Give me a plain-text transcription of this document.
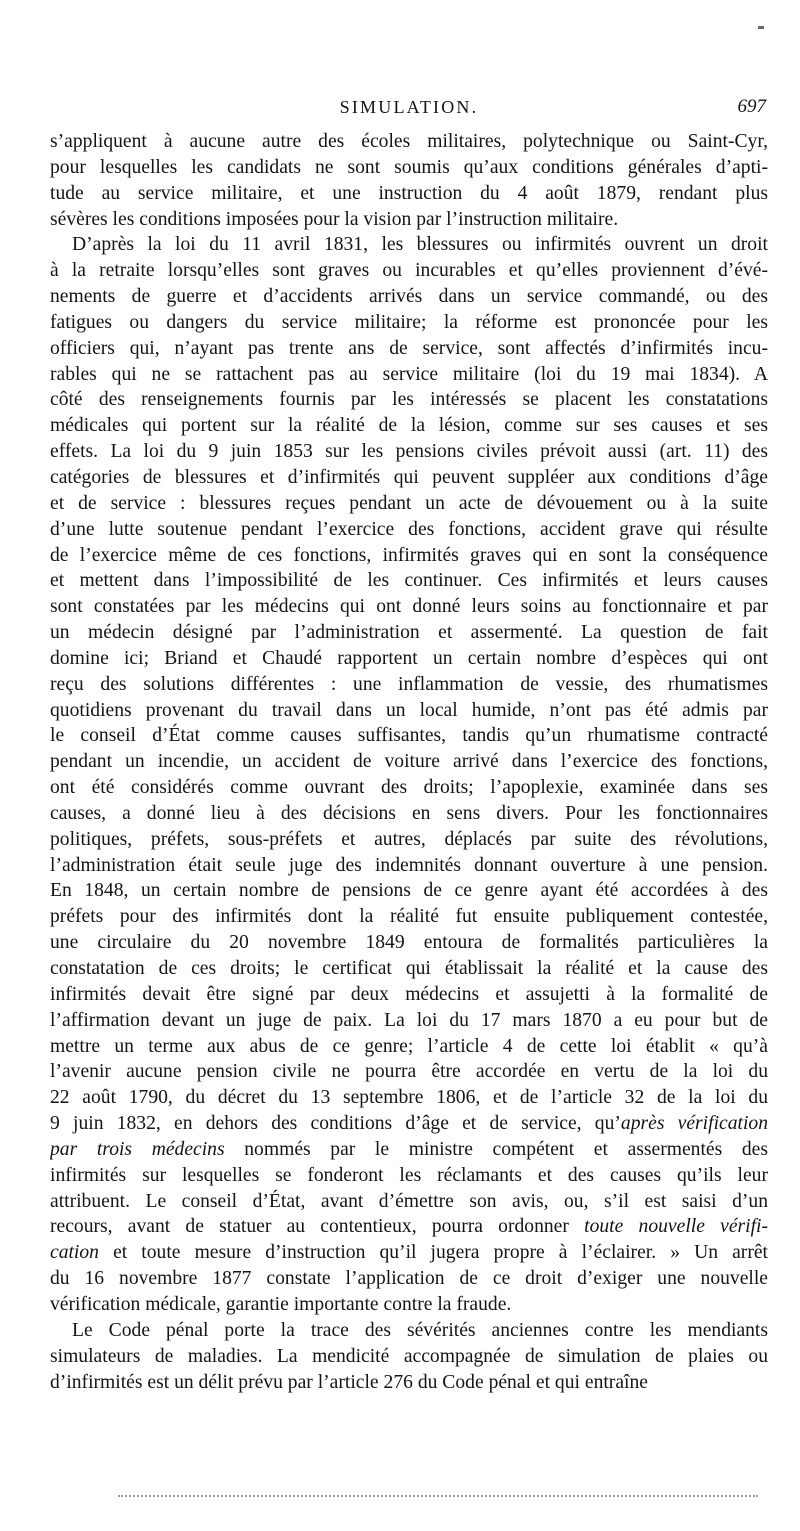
SIMULATION.	697
s’appliquent à aucune autre des écoles militaires, polytechnique ou Saint-Cyr,
pour lesquelles les candidats ne sont soumis qu’aux conditions générales d’apti-
tude au service militaire, et une instruction du 4 août 1879, rendant plus
sévères les conditions imposées pour la vision par l’instruction militaire.
D’après la loi du 11 avril 1831, les blessures ou infirmités ouvrent un droit
à la retraite lorsqu’elles sont graves ou incurables et qu’elles proviennent d’évé-
nements de guerre et d’accidents arrivés dans un service commandé, ou des
fatigues ou dangers du service militaire; la réforme est prononcée pour les
officiers qui, n’ayant pas trente ans de service, sont affectés d’infirmités incu-
rables qui ne se rattachent pas au service militaire (loi du 19 mai 1834). A
côté des renseignements fournis par les intéressés se placent les constatations
médicales qui portent sur la réalité de la lésion, comme sur ses causes et ses
effets. La loi du 9 juin 1853 sur les pensions civiles prévoit aussi (art. 11) des
catégories de blessures et d’infirmités qui peuvent suppléer aux conditions d’âge
et de service : blessures reçues pendant un acte de dévouement ou à la suite
d’une lutte soutenue pendant l’exercice des fonctions, accident grave qui résulte
de l’exercice même de ces fonctions, infirmités graves qui en sont la conséquence
et mettent dans l’impossibilité de les continuer. Ces infirmités et leurs causes
sont constatées par les médecins qui ont donné leurs soins au fonctionnaire et par
un médecin désigné par l’administration et assermenté. La question de fait
domine ici; Briand et Chaudé rapportent un certain nombre d’espèces qui ont
reçu des solutions différentes : une inflammation de vessie, des rhumatismes
quotidiens provenant du travail dans un local humide, n’ont pas été admis par
le conseil d’État comme causes suffisantes, tandis qu’un rhumatisme contracté
pendant un incendie, un accident de voiture arrivé dans l’exercice des fonctions,
ont été considérés comme ouvrant des droits; l’apoplexie, examinée dans ses
causes, a donné lieu à des décisions en sens divers. Pour les fonctionnaires
politiques, préfets, sous-préfets et autres, déplacés par suite des révolutions,
l’administration était seule juge des indemnités donnant ouverture à une pension.
En 1848, un certain nombre de pensions de ce genre ayant été accordées à des
préfets pour des infirmités dont la réalité fut ensuite publiquement contestée,
une circulaire du 20 novembre 1849 entoura de formalités particulières la
constatation de ces droits; le certificat qui établissait la réalité et la cause des
infirmités devait être signé par deux médecins et assujetti à la formalité de
l’affirmation devant un juge de paix. La loi du 17 mars 1870 a eu pour but de
mettre un terme aux abus de ce genre; l’article 4 de cette loi établit « qu’à
l’avenir aucune pension civile ne pourra être accordée en vertu de la loi du
22 août 1790, du décret du 13 septembre 1806, et de l’article 32 de la loi du
9 juin 1832, en dehors des conditions d’âge et de service, qu’après vérification
par trois médecins nommés par le ministre compétent et assermentés des
infirmités sur lesquelles se fonderont les réclamants et des causes qu’ils leur
attribuent. Le conseil d’État, avant d’émettre son avis, ou, s’il est saisi d’un
recours, avant de statuer au contentieux, pourra ordonner toute nouvelle vérifi-
cation et toute mesure d’instruction qu’il jugera propre à l’éclairer. » Un arrêt
du 16 novembre 1877 constate l’application de ce droit d’exiger une nouvelle
vérification médicale, garantie importante contre la fraude.
Le Code pénal porte la trace des sévérités anciennes contre les mendiants
simulateurs de maladies. La mendicité accompagnée de simulation de plaies ou
d’infirmités est un délit prévu par l’article 276 du Code pénal et qui entraîne
